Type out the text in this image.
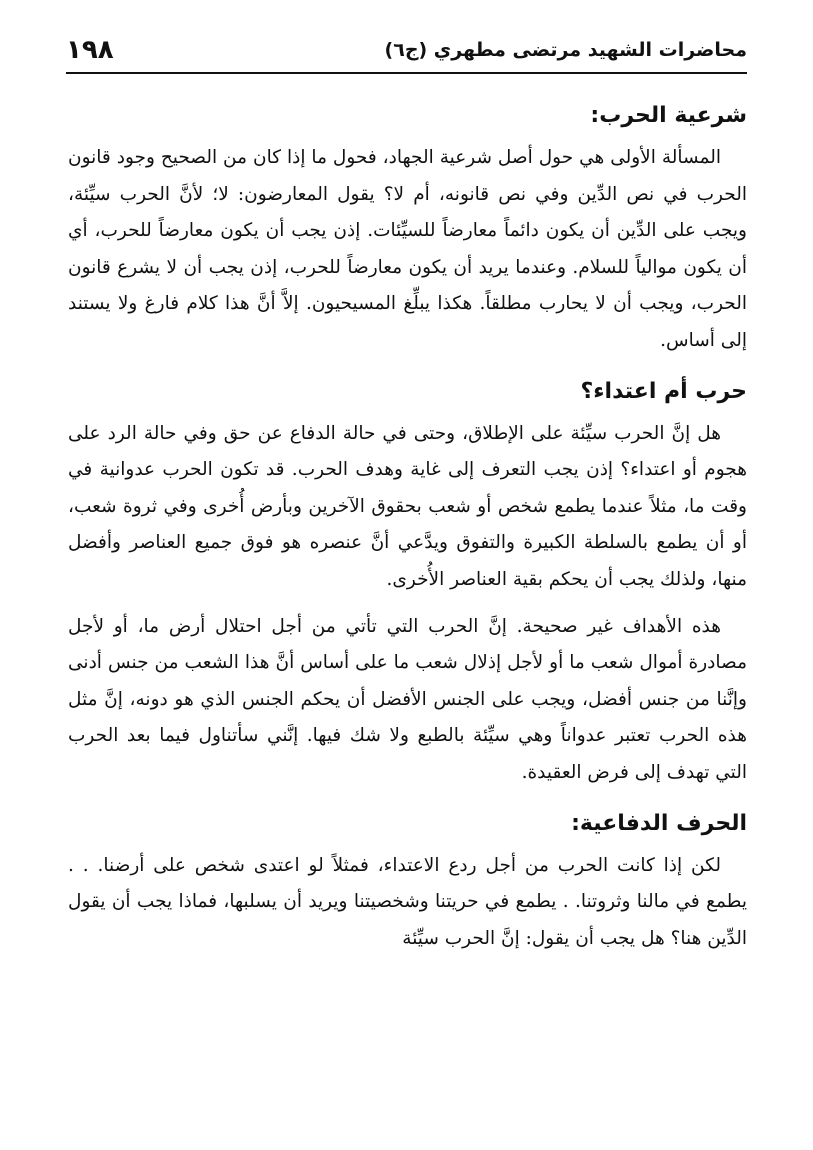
محاضرات الشهيد مرتضى مطهري (ج٦)
١٩٨
شرعية الحرب:

المسألة الأولى هي حول أصل شرعية الجهاد، فحول ما إذا كان من الصحيح وجود قانون الحرب في نص الدِّين وفي نص قانونه، أم لا؟ يقول المعارضون: لا؛ لأنَّ الحرب سيِّئة، ويجب على الدِّين أن يكون دائماً معارضاً للسيِّئات. إذن يجب أن يكون معارضاً للحرب، أي أن يكون موالياً للسلام. وعندما يريد أن يكون معارضاً للحرب، إذن يجب أن لا يشرع قانون الحرب، ويجب أن لا يحارب مطلقاً. هكذا يبلِّغ المسيحيون. إلاَّ أنَّ هذا كلام فارغ ولا يستند إلى أساس.

حرب أم اعتداء؟

هل إنَّ الحرب سيِّئة على الإطلاق، وحتى في حالة الدفاع عن حق وفي حالة الرد على هجوم أو اعتداء؟ إذن يجب التعرف إلى غاية وهدف الحرب. قد تكون الحرب عدوانية في وقت ما، مثلاً عندما يطمع شخص أو شعب بحقوق الآخرين وبأرض أُخرى وفي ثروة شعب، أو أن يطمع بالسلطة الكبيرة والتفوق ويدَّعي أنَّ عنصره هو فوق جميع العناصر وأفضل منها، ولذلك يجب أن يحكم بقية العناصر الأُخرى.

هذه الأهداف غير صحيحة. إنَّ الحرب التي تأتي من أجل احتلال أرض ما، أو لأجل مصادرة أموال شعب ما أو لأجل إذلال شعب ما على أساس أنَّ هذا الشعب من جنس أدنى وإنَّنا من جنس أفضل، ويجب على الجنس الأفضل أن يحكم الجنس الذي هو دونه، إنَّ مثل هذه الحرب تعتبر عدواناً وهي سيِّئة بالطبع ولا شك فيها. إنَّني سأتناول فيما بعد الحرب التي تهدف إلى فرض العقيدة.

الحرف الدفاعية:

لكن إذا كانت الحرب من أجل ردع الاعتداء، فمثلاً لو اعتدى شخص على أرضنا. . . يطمع في مالنا وثروتنا. . يطمع في حريتنا وشخصيتنا ويريد أن يسلبها، فماذا يجب أن يقول الدِّين هنا؟ هل يجب أن يقول: إنَّ الحرب سيِّئة
